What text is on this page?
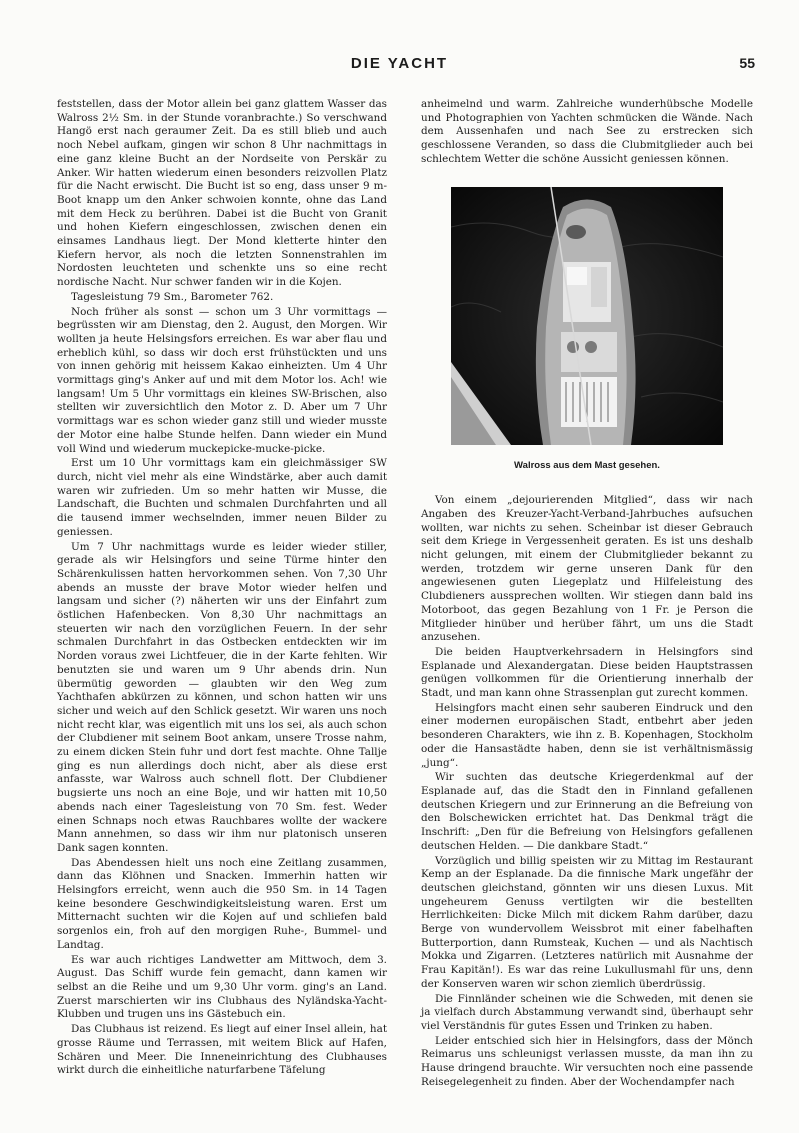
DIE YACHT	55

feststellen, dass der Motor allein bei ganz glattem Wasser das Walross 2½ Sm. in der Stunde voranbrachte.) So verschwand Hangö erst nach geraumer Zeit. Da es still blieb und auch noch Nebel aufkam, gingen wir schon 8 Uhr nachmittags in eine ganz kleine Bucht an der Nordseite von Perskär zu Anker. Wir hatten wiederum einen besonders reizvollen Platz für die Nacht erwischt. Die Bucht ist so eng, dass unser 9 m-Boot knapp um den Anker schwoien konnte, ohne das Land mit dem Heck zu berühren. Dabei ist die Bucht von Granit und hohen Kiefern eingeschlossen, zwischen denen ein einsames Landhaus liegt. Der Mond kletterte hinter den Kiefern hervor, als noch die letzten Sonnenstrahlen im Nordosten leuchteten und schenkte uns so eine recht nordische Nacht. Nur schwer fanden wir in die Kojen.

Tagesleistung 79 Sm., Barometer 762.

Noch früher als sonst — schon um 3 Uhr vormittags — begrüssten wir am Dienstag, den 2. August, den Morgen. Wir wollten ja heute Helsingsfors erreichen. Es war aber flau und erheblich kühl, so dass wir doch erst frühstückten und uns von innen gehörig mit heissem Kakao einheizten. Um 4 Uhr vormittags ging's Anker auf und mit dem Motor los. Ach! wie langsam! Um 5 Uhr vormittags ein kleines SW-Brischen, also stellten wir zuversichtlich den Motor z. D. Aber um 7 Uhr vormittags war es schon wieder ganz still und wieder musste der Motor eine halbe Stunde helfen. Dann wieder ein Mund voll Wind und wiederum muckepicke-mucke-picke.

Erst um 10 Uhr vormittags kam ein gleichmässiger SW durch, nicht viel mehr als eine Windstärke, aber auch damit waren wir zufrieden. Um so mehr hatten wir Musse, die Landschaft, die Buchten und schmalen Durchfahrten und all die tausend immer wechselnden, immer neuen Bilder zu geniessen.

Um 7 Uhr nachmittags wurde es leider wieder stiller, gerade als wir Helsingfors und seine Türme hinter den Schärenkulissen hatten hervorkommen sehen. Von 7,30 Uhr abends an musste der brave Motor wieder helfen und langsam und sicher (?) näherten wir uns der Einfahrt zum östlichen Hafenbecken. Von 8,30 Uhr nachmittags an steuerten wir nach den vorzüglichen Feuern. In der sehr schmalen Durchfahrt in das Ostbecken entdeckten wir im Norden voraus zwei Lichtfeuer, die in der Karte fehlten. Wir benutzten sie und waren um 9 Uhr abends drin. Nun übermütig geworden — glaubten wir den Weg zum Yachthafen abkürzen zu können, und schon hatten wir uns sicher und weich auf den Schlick gesetzt. Wir waren uns noch nicht recht klar, was eigentlich mit uns los sei, als auch schon der Clubdiener mit seinem Boot ankam, unsere Trosse nahm, zu einem dicken Stein fuhr und dort fest machte. Ohne Tallje ging es nun allerdings doch nicht, aber als diese erst anfasste, war Walross auch schnell flott. Der Clubdiener bugsierte uns noch an eine Boje, und wir hatten mit 10,50 abends nach einer Tagesleistung von 70 Sm. fest. Weder einen Schnaps noch etwas Rauchbares wollte der wackere Mann annehmen, so dass wir ihm nur platonisch unseren Dank sagen konnten.

Das Abendessen hielt uns noch eine Zeitlang zusammen, dann das Klöhnen und Snacken. Immerhin hatten wir Helsingfors erreicht, wenn auch die 950 Sm. in 14 Tagen keine besondere Geschwindigkeitsleistung waren. Erst um Mitternacht suchten wir die Kojen auf und schliefen bald sorgenlos ein, froh auf den morgigen Ruhe-, Bummel- und Landtag.

Es war auch richtiges Landwetter am Mittwoch, dem 3. August. Das Schiff wurde fein gemacht, dann kamen wir selbst an die Reihe und um 9,30 Uhr vorm. ging's an Land. Zuerst marschierten wir ins Clubhaus des Nyländska-Yacht-Klubben und trugen uns ins Gästebuch ein.

Das Clubhaus ist reizend. Es liegt auf einer Insel allein, hat grosse Räume und Terrassen, mit weitem Blick auf Hafen, Schären und Meer. Die Inneneinrichtung des Clubhauses wirkt durch die einheitliche naturfarbene Täfelung

anheimelnd und warm. Zahlreiche wunderhübsche Modelle und Photographien von Yachten schmücken die Wände. Nach dem Aussenhafen und nach See zu erstrecken sich geschlossene Veranden, so dass die Clubmitglieder auch bei schlechtem Wetter die schöne Aussicht geniessen können.

Walross aus dem Mast gesehen.

Von einem „dejourierenden Mitglied“, dass wir nach Angaben des Kreuzer-Yacht-Verband-Jahrbuches aufsuchen wollten, war nichts zu sehen. Scheinbar ist dieser Gebrauch seit dem Kriege in Vergessenheit geraten. Es ist uns deshalb nicht gelungen, mit einem der Clubmitglieder bekannt zu werden, trotzdem wir gerne unseren Dank für den angewiesenen guten Liegeplatz und Hilfeleistung des Clubdieners aussprechen wollten. Wir stiegen dann bald ins Motorboot, das gegen Bezahlung von 1 Fr. je Person die Mitglieder hinüber und herüber fährt, um uns die Stadt anzusehen.

Die beiden Hauptverkehrsadern in Helsingfors sind Esplanade und Alexandergatan. Diese beiden Hauptstrassen genügen vollkommen für die Orientierung innerhalb der Stadt, und man kann ohne Strassenplan gut zurecht kommen.

Helsingfors macht einen sehr sauberen Eindruck und den einer modernen europäischen Stadt, entbehrt aber jeden besonderen Charakters, wie ihn z. B. Kopenhagen, Stockholm oder die Hansastädte haben, denn sie ist verhältnismässig „jung“.

Wir suchten das deutsche Kriegerdenkmal auf der Esplanade auf, das die Stadt den in Finnland gefallenen deutschen Kriegern und zur Erinnerung an die Befreiung von den Bolschewicken errichtet hat. Das Denkmal trägt die Inschrift: „Den für die Befreiung von Helsingfors gefallenen deutschen Helden. — Die dankbare Stadt.“

Vorzüglich und billig speisten wir zu Mittag im Restaurant Kemp an der Esplanade. Da die finnische Mark ungefähr der deutschen gleichstand, gönnten wir uns diesen Luxus. Mit ungeheurem Genuss vertilgten wir die bestellten Herrlichkeiten: Dicke Milch mit dickem Rahm darüber, dazu Berge von wundervollem Weissbrot mit einer fabelhaften Butterportion, dann Rumsteak, Kuchen — und als Nachtisch Mokka und Zigarren. (Letzteres natürlich mit Ausnahme der Frau Kapitän!). Es war das reine Lukullusmahl für uns, denn der Konserven waren wir schon ziemlich überdrüssig.

Die Finnländer scheinen wie die Schweden, mit denen sie ja vielfach durch Abstammung verwandt sind, überhaupt sehr viel Verständnis für gutes Essen und Trinken zu haben.

Leider entschied sich hier in Helsingfors, dass der Mönch Reimarus uns schleunigst verlassen musste, da man ihn zu Hause dringend brauchte. Wir versuchten noch eine passende Reisegelegenheit zu finden. Aber der Wochendampfer nach
